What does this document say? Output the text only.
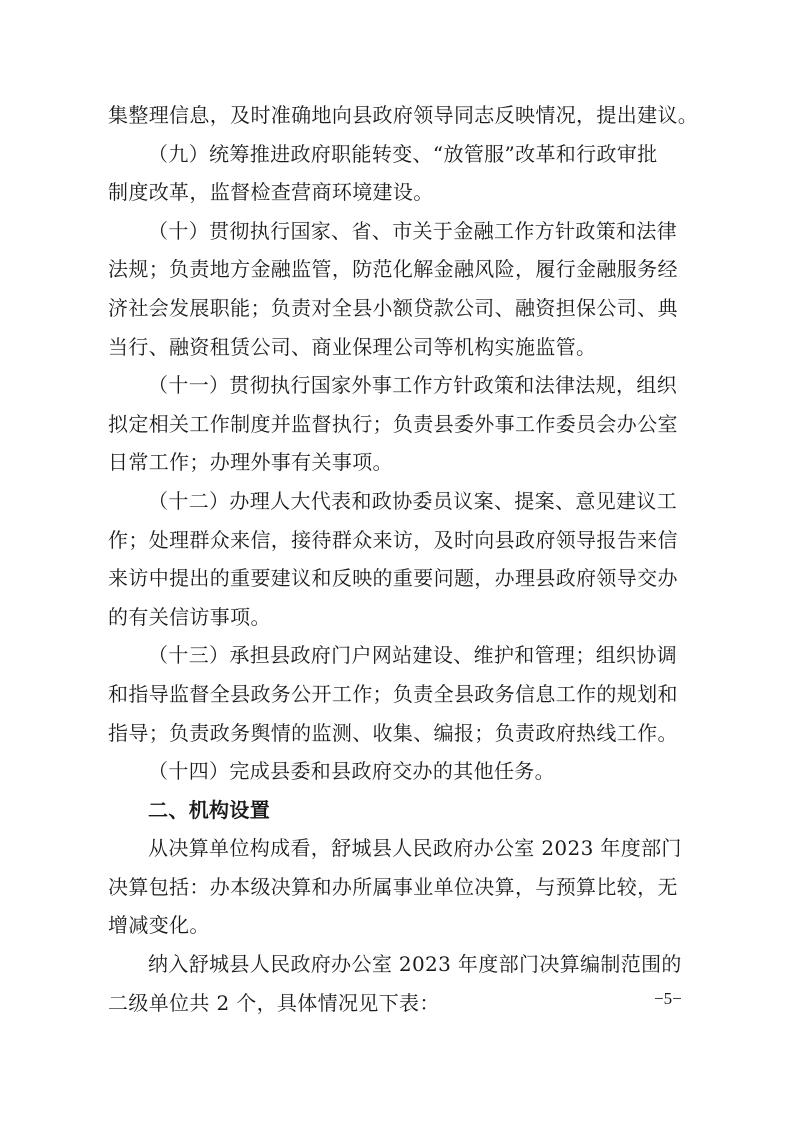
集整理信息，及时准确地向县政府领导同志反映情况，提出建议。
（九）统筹推进政府职能转变、“放管服”改革和行政审批
制度改革，监督检查营商环境建设。
（十）贯彻执行国家、省、市关于金融工作方针政策和法律
法规；负责地方金融监管，防范化解金融风险，履行金融服务经
济社会发展职能；负责对全县小额贷款公司、融资担保公司、典
当行、融资租赁公司、商业保理公司等机构实施监管。
（十一）贯彻执行国家外事工作方针政策和法律法规，组织
拟定相关工作制度并监督执行；负责县委外事工作委员会办公室
日常工作；办理外事有关事项。
（十二）办理人大代表和政协委员议案、提案、意见建议工
作；处理群众来信，接待群众来访，及时向县政府领导报告来信
来访中提出的重要建议和反映的重要问题，办理县政府领导交办
的有关信访事项。
（十三）承担县政府门户网站建设、维护和管理；组织协调
和指导监督全县政务公开工作；负责全县政务信息工作的规划和
指导；负责政务舆情的监测、收集、编报；负责政府热线工作。
（十四）完成县委和县政府交办的其他任务。
二、机构设置
从决算单位构成看，舒城县人民政府办公室 2023 年度部门
决算包括：办本级决算和办所属事业单位决算，与预算比较，无
增减变化。
纳入舒城县人民政府办公室 2023 年度部门决算编制范围的
二级单位共 2 个，具体情况见下表：	−5−
